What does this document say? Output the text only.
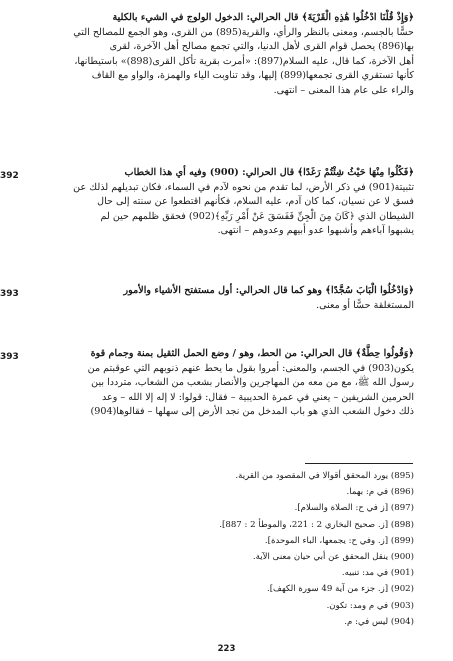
﴿وَإِذْ قُلْنَا ادْخُلُوا هَٰذِهِ الْقَرْيَةَ﴾ قال الحرالي: الدخول الولوج في الشيء بالكلية

حسًّا بالجسم، ومعنى بالنظر والرأي، والقرية(895) من القرى، وهو الجمع للمصالح التي

بها(896) يحصل قوام القرى لأهل الدنيا، والتي تجمع مصالح أهل الآخرة، لقرى

أهل الآخرة، كما قال، عليه السلام(897): «أمرت بقرية تأكل القرى(898)» باستيطانها،

كأنها تستقري القرى تجمعها(899) إليها، وقد تناوبت الياء والهمزة، والواو مع القاف

والراء على عام هذا المعنى – انتهى.

392	﴿فَكُلُوا مِنْهَا حَيْثُ شِئْتُمْ رَغَدًا﴾ قال الحرالي: (900) وفيه أي هذا الخطاب

تثبيتة(901) في ذكر الأرض، لما تقدم من نحوه لآدم في السماء، فكان تبديلهم لذلك عن

فسق لا عن نسيان، كما كان آدم، عليه السلام، فكأنهم اقتطعوا عن سنته إلى حال

الشيطان الذي ﴿كَانَ مِنَ الْجِنِّ فَفَسَقَ عَنْ أَمْرِ رَبِّهِ﴾(902) فحقق ظلمهم حين لم

يشبهوا آباءهم وأشبهوا عدو أبيهم وعدوهم – انتهى.

393	﴿وَادْخُلُوا الْبَابَ سُجَّدًا﴾ وهو كما قال الحرالي: أول مستفتح الأشياء والأمور

المستغلقة حسًّا أو معنى.

393	﴿وَقُولُوا حِطَّةٌ﴾ قال الحرالي: من الحط، وهو / وضع الحمل الثقيل بمنة وجمام قوة

يكون(903) في الجسم، والمعنى: أمروا بقول ما يحط عنهم ذنوبهم التي عوقبتم من

رسول الله ﷺ، مع من معه من المهاجرين والأنصار بشعب من الشعاب، مترددا بين

الحرمين الشريفين – يعني في عمرة الحديبية – فقال: قولوا: لا إله إلا الله – وعد

ذلك دخول الشعب الذي هو باب المدخل من نجد الأرض إلى سهلها – فقالوها(904)

(895) يورد المحقق أقوالا في المقصود من القرية.

(896) في م: بهما.

(897) [ز في ح: الصلاة والسلام].

(898) [ز. صحيح البخاري 2 : 221، والموطأ 2 : 887].

(899) [ز. وفي ح: يجمعها، الباء الموحدة].

(900) ينقل المحقق عن أبي حيان معنى الآية.

(901) في مد: تنبيه.

(902) [ز. جزء من آية 49 سورة الكهف].

(903) في م ومد: تكون.

(904) ليس في: م.

223
